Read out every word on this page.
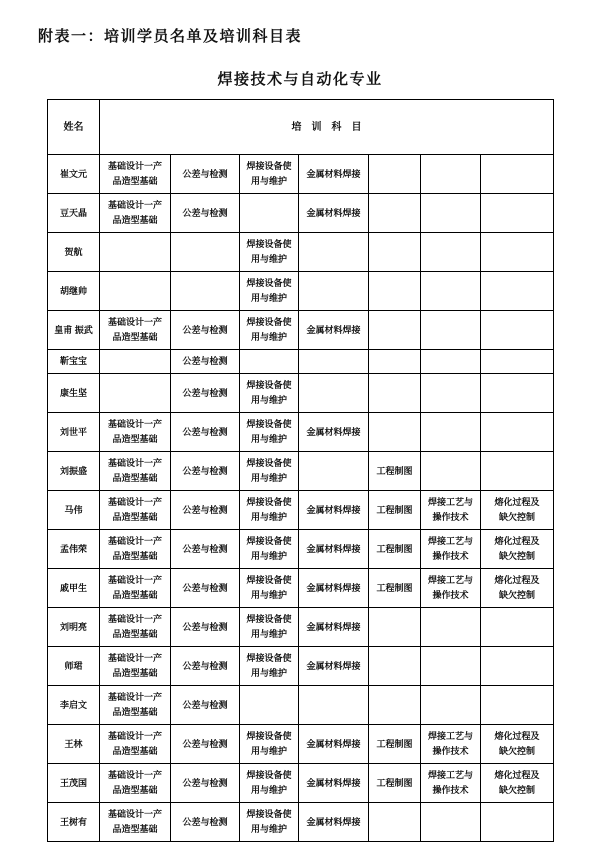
附表一：培训学员名单及培训科目表
焊接技术与自动化专业
姓名	培　训　科　目						
崔文元	基础设计一产品造型基础	公差与检测	焊接设备使用与维护	金属材料焊接			
豆天晶	基础设计一产品造型基础	公差与检测		金属材料焊接			
贺航			焊接设备使用与维护				
胡继帅			焊接设备使用与维护				
皇甫 振武	基础设计一产品造型基础	公差与检测	焊接设备使用与维护	金属材料焊接			
靳宝宝		公差与检测					
康生坚		公差与检测	焊接设备使用与维护				
刘世平	基础设计一产品造型基础	公差与检测	焊接设备使用与维护	金属材料焊接			
刘振盛	基础设计一产品造型基础	公差与检测	焊接设备使用与维护		工程制图		
马伟	基础设计一产品造型基础	公差与检测	焊接设备使用与维护	金属材料焊接	工程制图	焊接工艺与操作技术	熔化过程及缺欠控制
孟伟荣	基础设计一产品造型基础	公差与检测	焊接设备使用与维护	金属材料焊接	工程制图	焊接工艺与操作技术	熔化过程及缺欠控制
戚甲生	基础设计一产品造型基础	公差与检测	焊接设备使用与维护	金属材料焊接	工程制图	焊接工艺与操作技术	熔化过程及缺欠控制
刘明亮	基础设计一产品造型基础	公差与检测	焊接设备使用与维护	金属材料焊接			
师珺	基础设计一产品造型基础	公差与检测	焊接设备使用与维护	金属材料焊接			
李启文	基础设计一产品造型基础	公差与检测					
王林	基础设计一产品造型基础	公差与检测	焊接设备使用与维护	金属材料焊接	工程制图	焊接工艺与操作技术	熔化过程及缺欠控制
王茂国	基础设计一产品造型基础	公差与检测	焊接设备使用与维护	金属材料焊接	工程制图	焊接工艺与操作技术	熔化过程及缺欠控制
王树有	基础设计一产品造型基础	公差与检测	焊接设备使用与维护	金属材料焊接			
